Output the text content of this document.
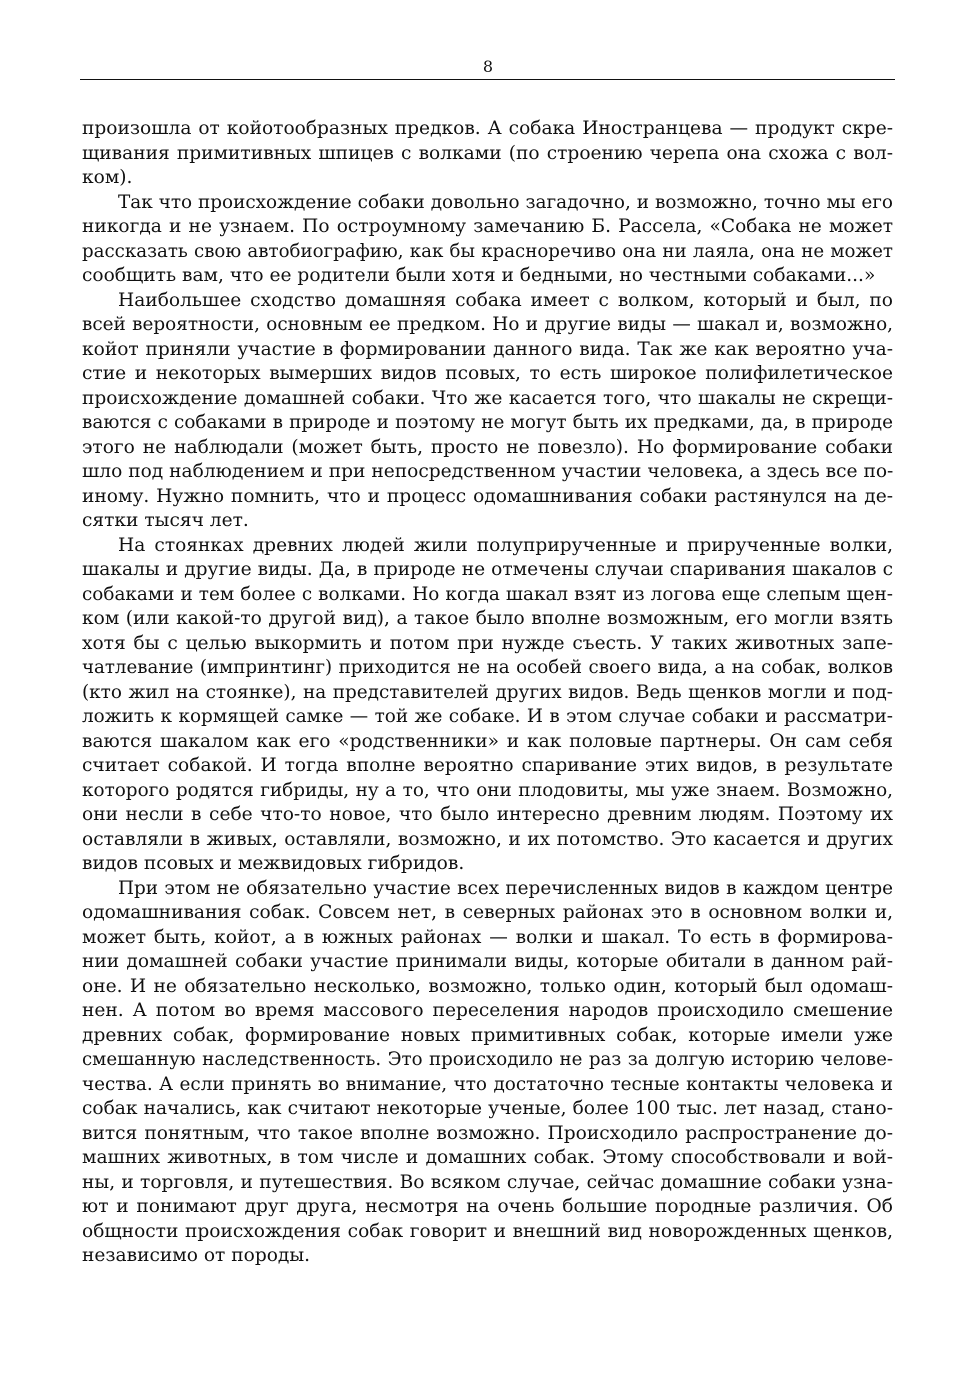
8

произошла от койотообразных предков. А собака Иностранцева — продукт скре-
щивания примитивных шпицев с волками (по строению черепа она схожа с вол-
ком).

Так что происхождение собаки довольно загадочно, и возможно, точно мы его
никогда и не узнаем. По остроумному замечанию Б. Рассела, «Собака не может
рассказать свою автобиографию, как бы красноречиво она ни лаяла, она не может
сообщить вам, что ее родители были хотя и бедными, но честными собаками...»

Наибольшее сходство домашняя собака имеет с волком, который и был, по
всей вероятности, основным ее предком. Но и другие виды — шакал и, возможно,
койот приняли участие в формировании данного вида. Так же как вероятно уча-
стие и некоторых вымерших видов псовых, то есть широкое полифилетическое
происхождение домашней собаки. Что же касается того, что шакалы не скрещи-
ваются с собаками в природе и поэтому не могут быть их предками, да, в природе
этого не наблюдали (может быть, просто не повезло). Но формирование собаки
шло под наблюдением и при непосредственном участии человека, а здесь все по-
иному. Нужно помнить, что и процесс одомашнивания собаки растянулся на де-
сятки тысяч лет.

На стоянках древних людей жили полуприрученные и прирученные волки,
шакалы и другие виды. Да, в природе не отмечены случаи спаривания шакалов с
собаками и тем более с волками. Но когда шакал взят из логова еще слепым щен-
ком (или какой-то другой вид), а такое было вполне возможным, его могли взять
хотя бы с целью выкормить и потом при нужде съесть. У таких животных запе-
чатлевание (импринтинг) приходится не на особей своего вида, а на собак, волков
(кто жил на стоянке), на представителей других видов. Ведь щенков могли и под-
ложить к кормящей самке — той же собаке. И в этом случае собаки и рассматри-
ваются шакалом как его «родственники» и как половые партнеры. Он сам себя
считает собакой. И тогда вполне вероятно спаривание этих видов, в результате
которого родятся гибриды, ну а то, что они плодовиты, мы уже знаем. Возможно,
они несли в себе что-то новое, что было интересно древним людям. Поэтому их
оставляли в живых, оставляли, возможно, и их потомство. Это касается и других
видов псовых и межвидовых гибридов.

При этом не обязательно участие всех перечисленных видов в каждом центре
одомашнивания собак. Совсем нет, в северных районах это в основном волки и,
может быть, койот, а в южных районах — волки и шакал. То есть в формирова-
нии домашней собаки участие принимали виды, которые обитали в данном рай-
оне. И не обязательно несколько, возможно, только один, который был одомаш-
нен. А потом во время массового переселения народов происходило смешение
древних собак, формирование новых примитивных собак, которые имели уже
смешанную наследственность. Это происходило не раз за долгую историю челове-
чества. А если принять во внимание, что достаточно тесные контакты человека и
собак начались, как считают некоторые ученые, более 100 тыс. лет назад, стано-
вится понятным, что такое вполне возможно. Происходило распространение до-
машних животных, в том числе и домашних собак. Этому способствовали и вой-
ны, и торговля, и путешествия. Во всяком случае, сейчас домашние собаки узна-
ют и понимают друг друга, несмотря на очень большие породные различия. Об
общности происхождения собак говорит и внешний вид новорожденных щенков,
независимо от породы.
